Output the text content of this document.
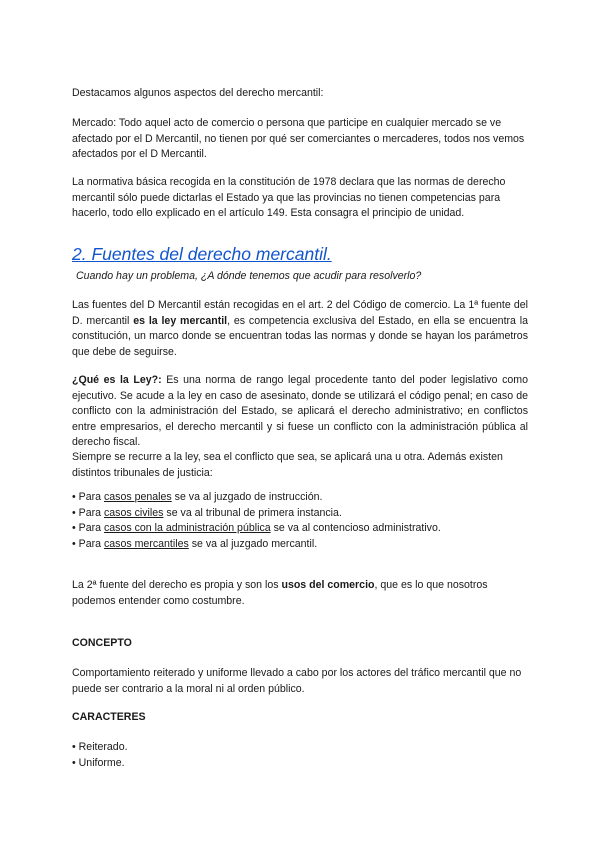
Destacamos algunos aspectos del derecho mercantil:
Mercado: Todo aquel acto de comercio o persona que participe en cualquier mercado se ve afectado por el D Mercantil, no tienen por qué ser comerciantes o mercaderes, todos nos vemos afectados por el D Mercantil.
La normativa básica recogida en la constitución de 1978 declara que las normas de derecho mercantil sólo puede dictarlas el Estado ya que las provincias no tienen competencias para hacerlo, todo ello explicado en el artículo 149. Esta consagra el principio de unidad.
2. Fuentes del derecho mercantil.
Cuando hay un problema, ¿A dónde tenemos que acudir para resolverlo?
Las fuentes del D Mercantil están recogidas en el art. 2 del Código de comercio. La 1ª fuente del D. mercantil es la ley mercantil, es competencia exclusiva del Estado, en ella se encuentra la constitución, un marco donde se encuentran todas las normas y donde se hayan los parámetros que debe de seguirse.
¿Qué es la Ley?: Es una norma de rango legal procedente tanto del poder legislativo como ejecutivo. Se acude a la ley en caso de asesinato, donde se utilizará el código penal; en caso de conflicto con la administración del Estado, se aplicará el derecho administrativo; en conflictos entre empresarios, el derecho mercantil y si fuese un conflicto con la administración pública al derecho fiscal.
Siempre se recurre a la ley, sea el conflicto que sea, se aplicará una u otra. Además existen distintos tribunales de justicia:
• Para casos penales se va al juzgado de instrucción.
• Para casos civiles se va al tribunal de primera instancia.
• Para casos con la administración pública se va al contencioso administrativo.
• Para casos mercantiles se va al juzgado mercantil.
La 2ª fuente del derecho es propia y son los usos del comercio, que es lo que nosotros podemos entender como costumbre.
CONCEPTO
Comportamiento reiterado y uniforme llevado a cabo por los actores del tráfico mercantil que no puede ser contrario a la moral ni al orden público.
CARACTERES
• Reiterado.
• Uniforme.
